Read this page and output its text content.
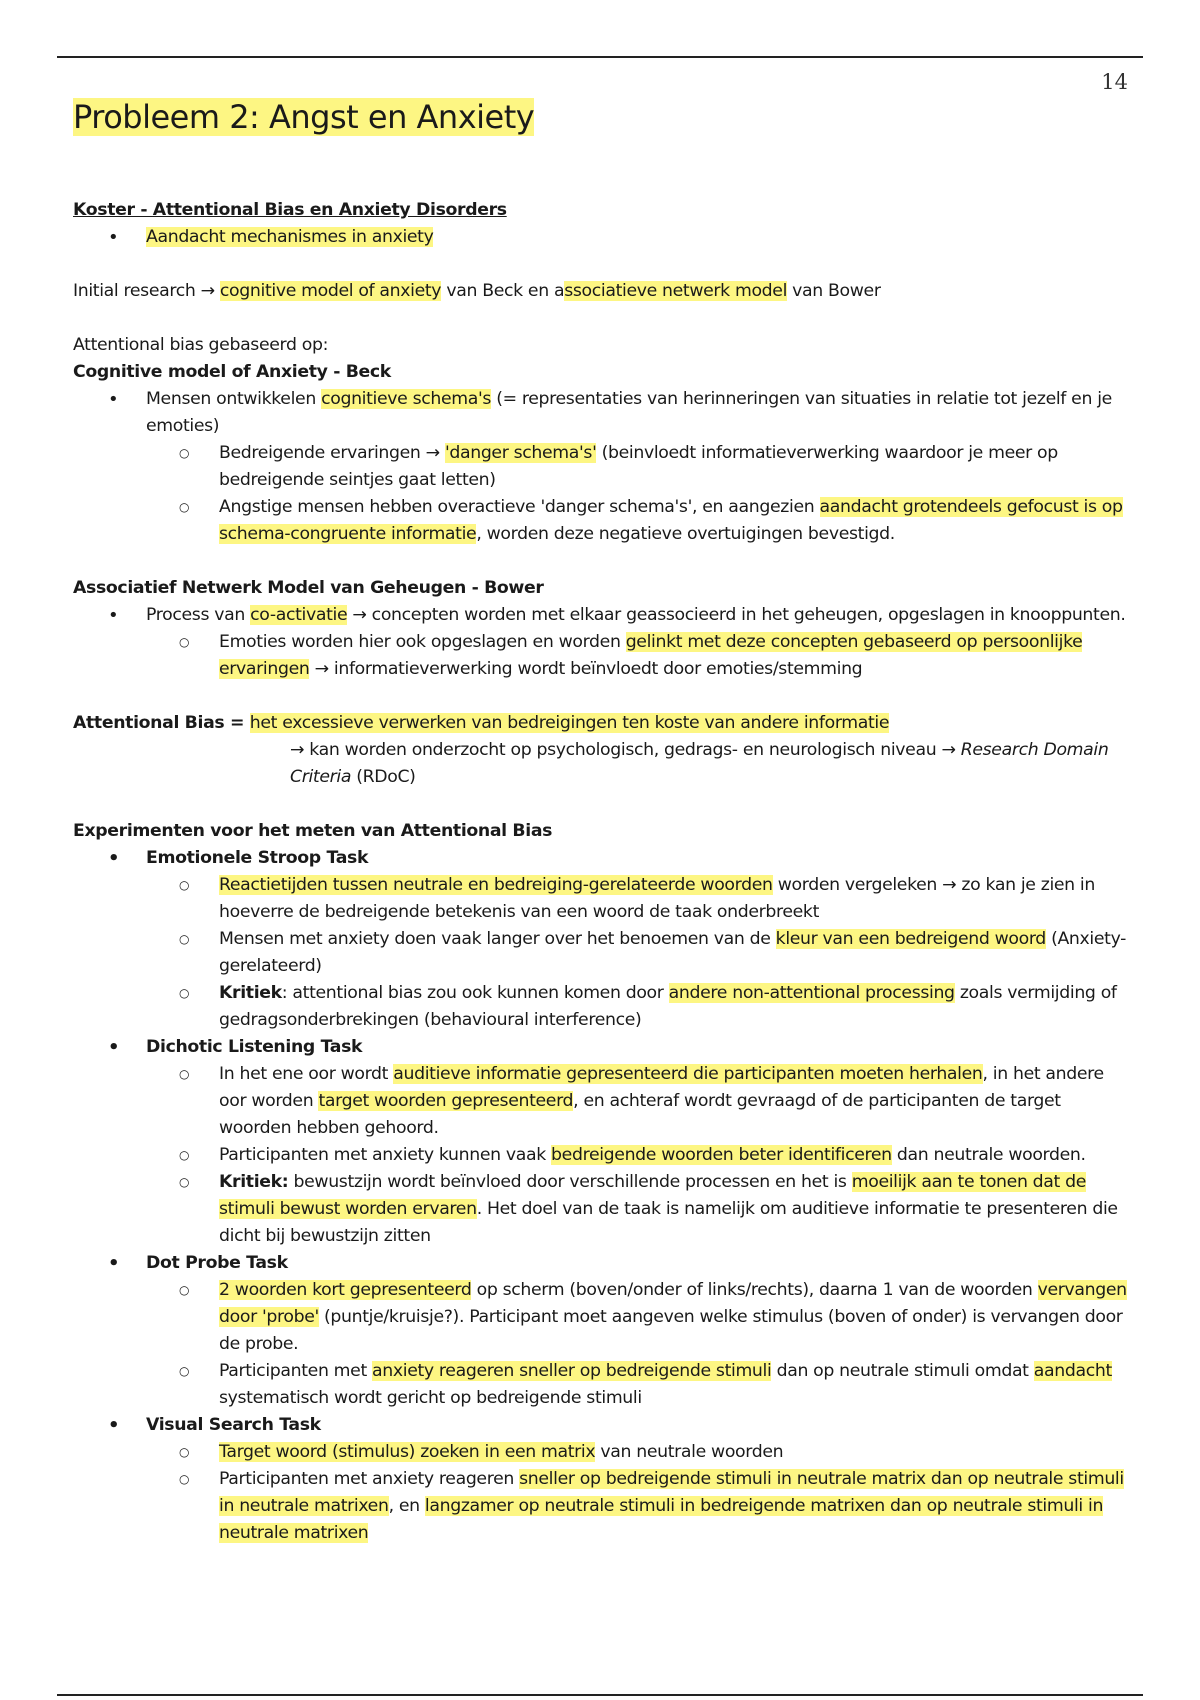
14
Probleem 2: Angst en Anxiety

Koster - Attentional Bias en Anxiety Disorders

• Aandacht mechanismes in anxiety

Initial research → cognitive model of anxiety van Beck en associatieve netwerk model van Bower

Attentional bias gebaseerd op:

Cognitive model of Anxiety - Beck

• Mensen ontwikkelen cognitieve schema's (= representaties van herinneringen van situaties in relatie tot jezelf en je emoties)
○ Bedreigende ervaringen → 'danger schema's' (beinvloedt informatieverwerking waardoor je meer op bedreigende seintjes gaat letten)
○ Angstige mensen hebben overactieve 'danger schema's', en aangezien aandacht grotendeels gefocust is op schema-congruente informatie, worden deze negatieve overtuigingen bevestigd.

Associatief Netwerk Model van Geheugen - Bower

• Process van co-activatie → concepten worden met elkaar geassocieerd in het geheugen, opgeslagen in knooppunten.
○ Emoties worden hier ook opgeslagen en worden gelinkt met deze concepten gebaseerd op persoonlijke ervaringen → informatieverwerking wordt beïnvloedt door emoties/stemming

Attentional Bias = het excessieve verwerken van bedreigingen ten koste van andere informatie

→ kan worden onderzocht op psychologisch, gedrags- en neurologisch niveau → Research Domain Criteria (RDoC)

Experimenten voor het meten van Attentional Bias

• Emotionele Stroop Task
○ Reactietijden tussen neutrale en bedreiging-gerelateerde woorden worden vergeleken → zo kan je zien in hoeverre de bedreigende betekenis van een woord de taak onderbreekt
○ Mensen met anxiety doen vaak langer over het benoemen van de kleur van een bedreigend woord (Anxiety-gerelateerd)
○ Kritiek: attentional bias zou ook kunnen komen door andere non-attentional processing zoals vermijding of gedragsonderbrekingen (behavioural interference)
• Dichotic Listening Task
○ In het ene oor wordt auditieve informatie gepresenteerd die participanten moeten herhalen, in het andere oor worden target woorden gepresenteerd, en achteraf wordt gevraagd of de participanten de target woorden hebben gehoord.
○ Participanten met anxiety kunnen vaak bedreigende woorden beter identificeren dan neutrale woorden.
○ Kritiek: bewustzijn wordt beïnvloed door verschillende processen en het is moeilijk aan te tonen dat de stimuli bewust worden ervaren. Het doel van de taak is namelijk om auditieve informatie te presenteren die dicht bij bewustzijn zitten
• Dot Probe Task
○ 2 woorden kort gepresenteerd op scherm (boven/onder of links/rechts), daarna 1 van de woorden vervangen door 'probe' (puntje/kruisje?). Participant moet aangeven welke stimulus (boven of onder) is vervangen door de probe.
○ Participanten met anxiety reageren sneller op bedreigende stimuli dan op neutrale stimuli omdat aandacht systematisch wordt gericht op bedreigende stimuli
• Visual Search Task
○ Target woord (stimulus) zoeken in een matrix van neutrale woorden
○ Participanten met anxiety reageren sneller op bedreigende stimuli in neutrale matrix dan op neutrale stimuli in neutrale matrixen, en langzamer op neutrale stimuli in bedreigende matrixen dan op neutrale stimuli in neutrale matrixen
